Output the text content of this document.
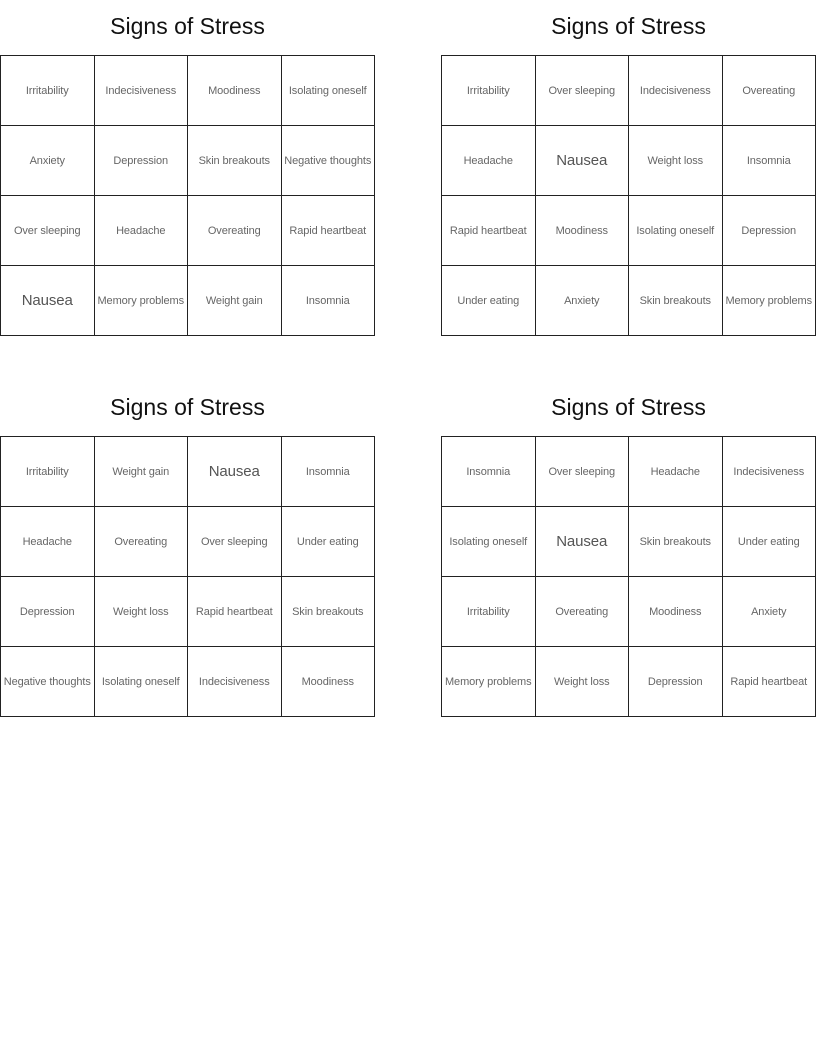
Signs of Stress
Irritability	Indecisiveness	Moodiness	Isolating oneself
Anxiety	Depression	Skin breakouts	Negative thoughts
Over sleeping	Headache	Overeating	Rapid heartbeat
Nausea	Memory problems	Weight gain	Insomnia
Signs of Stress
Irritability	Over sleeping	Indecisiveness	Overeating
Headache	Nausea	Weight loss	Insomnia
Rapid heartbeat	Moodiness	Isolating oneself	Depression
Under eating	Anxiety	Skin breakouts	Memory problems
Signs of Stress
Irritability	Weight gain	Nausea	Insomnia
Headache	Overeating	Over sleeping	Under eating
Depression	Weight loss	Rapid heartbeat	Skin breakouts
Negative thoughts	Isolating oneself	Indecisiveness	Moodiness
Signs of Stress
Insomnia	Over sleeping	Headache	Indecisiveness
Isolating oneself	Nausea	Skin breakouts	Under eating
Irritability	Overeating	Moodiness	Anxiety
Memory problems	Weight loss	Depression	Rapid heartbeat
